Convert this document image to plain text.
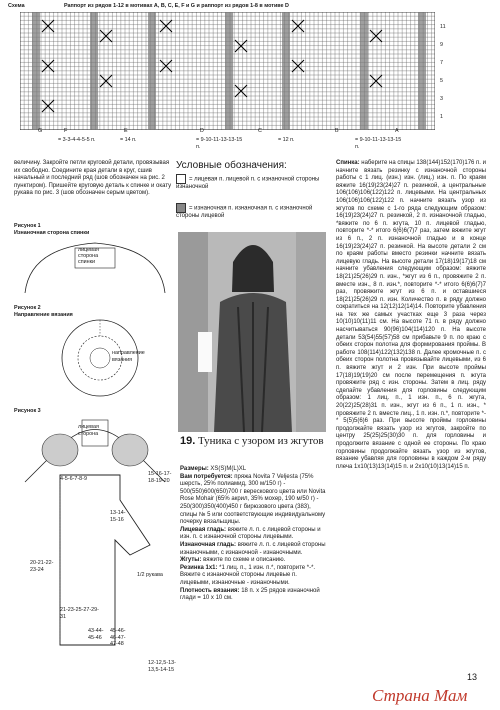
Схема	Раппорт из рядов 1-12 в мотивах A, B, C, E, F и G и раппорт из рядов 1-8 в мотиве D
11
9
7
5
3
1
G	F	E	D	C	B	A
= 3-3-4-4-5-5 п.	= 14 п.	= 9-10-11-13-13-15 п.
= 12 п.	= 9-10-11-13-13-15 п.
величину. Закройте петли круговой детали, провязывая их свободно. Соедините края детали в круг, сшив начальный и последний ряд (шов обозначен на рис. 2 пунктиром). Пришейте круговую деталь к спинке и окату рукава по рис. 3 (шов обозначен серым цветом).
Рисунок 1
Изнаночная сторона спинки
лицевая
сторона
спинки
Рисунок 2
Направление вязания
направление вязания
Рисунок 3
лицевая
сторона
15-16-17-18-19-20
4-5-6-7-8-9
13-14-15-16
20-21-22-23-24
21-23-25-27-29-31
1/2 рукава
45-46-46-47-47-48
43-44-45-46
12-12,5-13-13,5-14-15
Условные обозначения:
= лицевая п. лицевой п. с изнаночной стороны изнаночной
= изнаночная п. изнаночная п. с изнаночной стороны лицевой
19. Туника с узором из жгутов

Размеры: XS(S)M(L)XL

Вам потребуется: пряжа Novita 7 Veljesta (75% шерсть, 25% полиамид, 300 м/150 г) - 500(550)600(650)700 г верескового цвета или Novita Rose Mohair (65% акрил, 35% мохер, 190 м/50 г) - 250(300)350(400)450 г бирюзового цвета (383), спицы № 5 или соответствующие индивидуальному почерку вязальщицы.

Лицевая гладь: вяжите л. п. с лицевой стороны и изн. п. с изнаночной стороны лицевыми.

Изнаночная гладь: вяжите л. п. с лицевой стороны изнаночными, с изнаночной - изнаночными.

Жгуты: вяжите по схеме и описанию.

Резинка 1х1: *1 лиц. п., 1 изн. п.*, повторите *-*. Вяжите с изнаночной стороны лицевые п. лицевыми, изнаночные - изнаночными.

Плотность вязания: 18 п. x 25 рядов изнаночной глади = 10 x 10 см.

Спинка: наберите на спицы 138(144)152(170)176 п. и начните вязать резинку с изнаночной стороны работы с 1 лиц. (изн.) изн. (лиц.) изн. п. По краям вяжите 16(19)23(24)27 п. резинкой, а центральные 106(106)106(122)122 п. лицевыми. На центральных 106(106)106(122)122 п. начните вязать узор из жгутов по схеме с 1-го ряда следующим образом: 16(19)23(24)27 п. резинкой, 2 п. изнаночной гладью, *вяжите по 6 п. жгута, 10 п. лицевой гладью, повторите *-* итого 6(6)6(7)7 раз, затем вяжите жгут из 6 п., 2 п. изнаночной гладью и в конце 16(19)23(24)27 п. резинкой. На высоте детали 2 см по краям работы вместо резинки начните вязать лицевую гладь. На высоте детали 17(18)19(17)18 см начните убавления следующим образом: вяжите 18(21)25(26)29 п. изн., *жгут из 6 п., провяжите 2 п. вместе изн., 8 п. изн.*, повторите *-* итого 6(6)6(7)7 раз, провяжите жгут из 6 п. и оставшиеся 18(21)25(26)29 п. изн. Количество п. в ряду должно сократиться на 12(12)12(14)14. Повторите убавления на тех же самых участках еще 3 раза через 10(10)10(11)11 см. На высоте 71 п. в ряду должно насчитываться 90(96)104(114)120 п. На высоте детали 53(54)55(57)58 см прибавьте 9 п. по краю с обеих сторон полотна для формирования проймы. В работе 108(114)122(132)138 п. Далее кромочные п. с обеих сторон полотна провязывайте лицевыми, из 6 п. вяжите жгут и 2 изн. При высоте проймы 17(18)19(19)20 см после перемещения п. жгута провяжите ряд с изн. стороны. Затем в лиц. ряду сделайте убавления для горловины следующим образом: 1 лиц. п., 1 изн. п., 6 п. жгута, 20(22)25(28)31 п. изн., жгут из 6 п., 1 п. изн., * провяжите 2 п. вместе лиц., 1 п. изн. п.*, повторите *-* 5(5)5(6)6 раз. При высоте проймы горловины продолжайте вязать узор из жгутов, закройте по центру 25(25)25(30)30 п. для горловины и продолжите вязание с одной ее стороны. По краю горловины продолжайте вязать узор из жгутов, вязание убавляя для горловины в каждом 2-м ряду плеча 1х10(13)13(14)15 п. и 2x10(10)13(14)15 п.
13
Страна Мам
